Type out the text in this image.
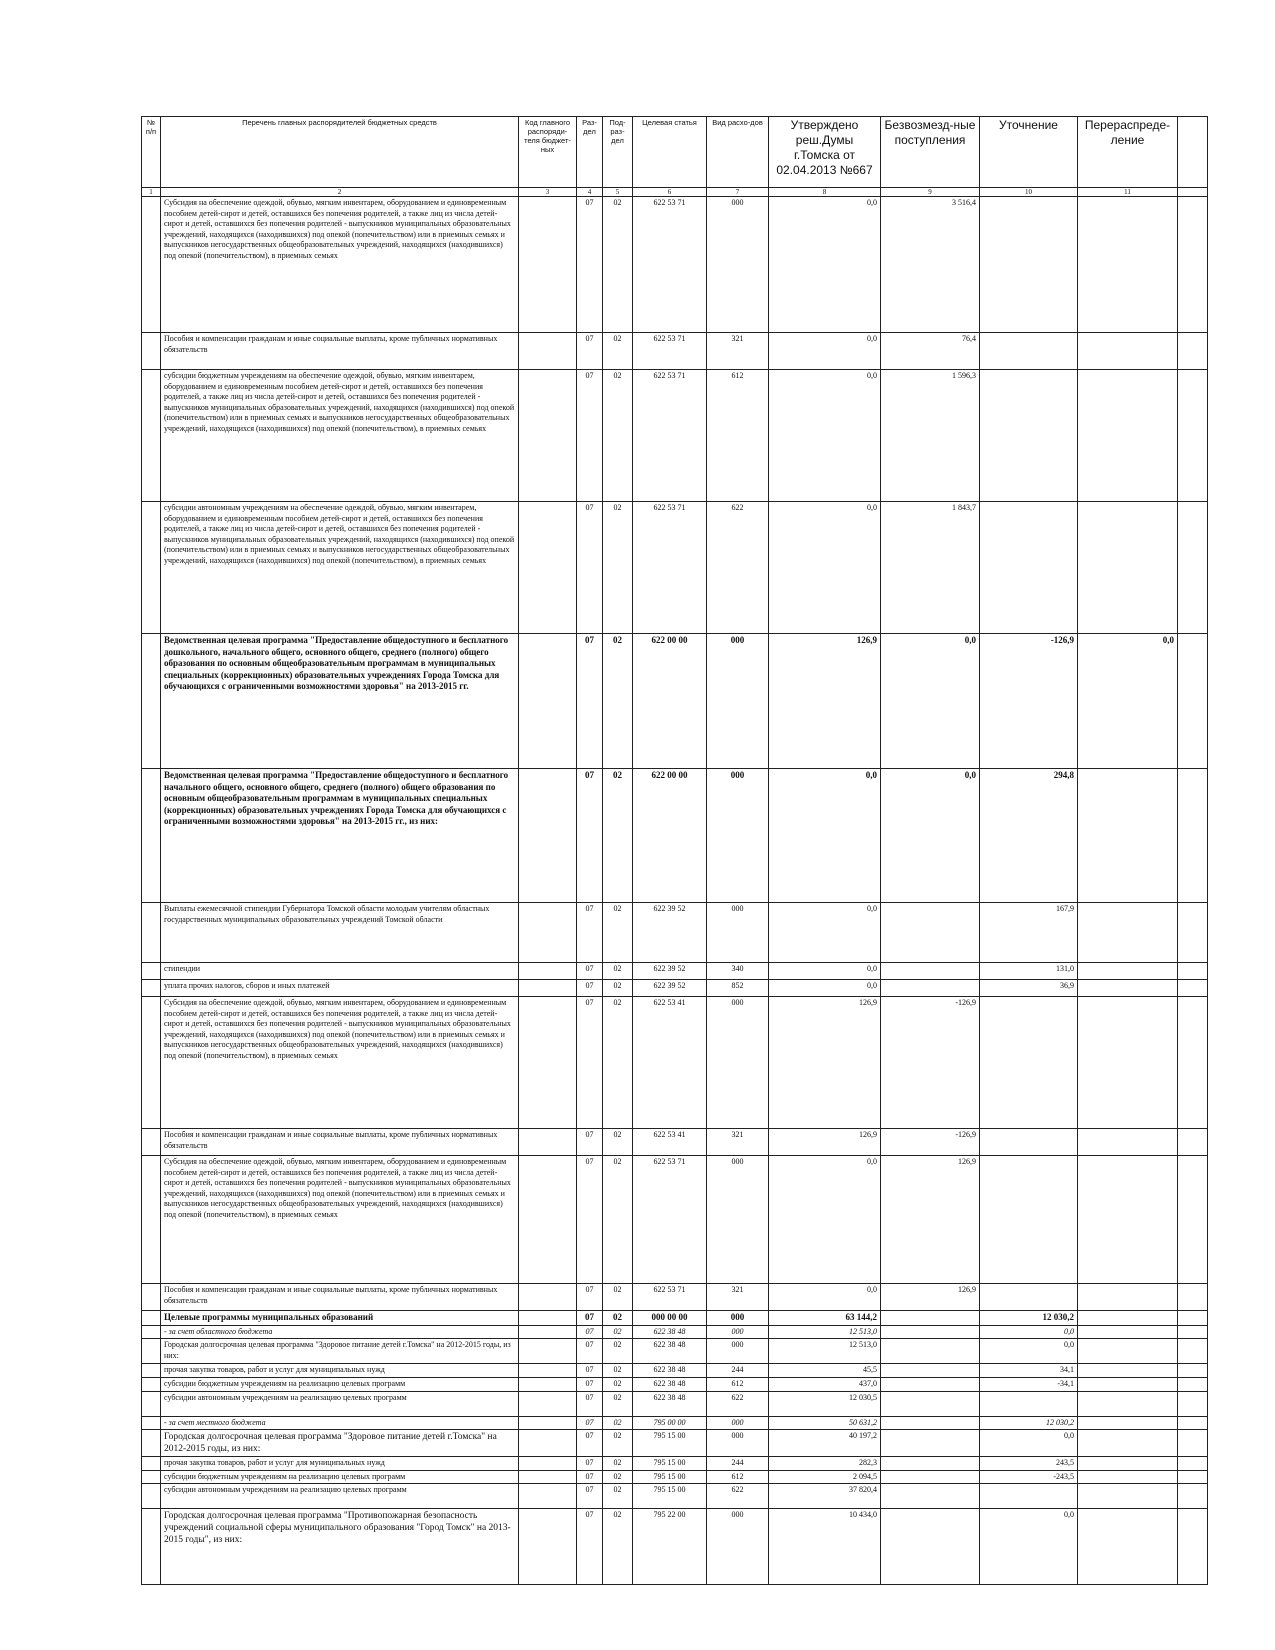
№ п/п	Перечень главных распорядителей бюджетных средств	Код главного распоряди-теля бюджет-ных	Раз-дел	Под-раз-дел	Целевая статья	Вид расхо-дов	Утверждено реш.Думы г.Томска от 02.04.2013 №667	Безвозмезд-ные поступления	Уточнение	Перераспреде-ление	
1	2	3	4	5	6	7	8	9	10	11	
	Субсидия на обеспечение одеждой, обувью, мягким инвентарем, оборудованием и единовременным пособием детей-сирот и детей, оставшихся без попечения родителей, а также лиц из числа детей-сирот и детей, оставшихся без попечения родителей - выпускников муниципальных образовательных учреждений, находящихся (находившихся) под опекой (попечительством) или в приемных семьях и выпускников негосударственных общеобразовательных учреждений, находящихся (находившихся) под опекой (попечительством), в приемных семьях		07	02	622 53 71	000	0,0	3 516,4			
	Пособия и компенсации гражданам и иные социальные выплаты, кроме публичных нормативных обязательств		07	02	622 53 71	321	0,0	76,4			
	субсидии бюджетным учреждениям на обеспечение одеждой, обувью, мягким инвентарем, оборудованием и единовременным пособием детей-сирот и детей, оставшихся без попечения родителей, а также лиц из числа детей-сирот и детей, оставшихся без попечения родителей - выпускников муниципальных образовательных учреждений, находящихся (находившихся) под опекой (попечительством) или в приемных семьях и выпускников негосударственных общеобразовательных учреждений, находящихся (находившихся) под опекой (попечительством), в приемных семьях		07	02	622 53 71	612	0,0	1 596,3			
	субсидии автономным учреждениям на обеспечение одеждой, обувью, мягким инвентарем, оборудованием и единовременным пособием детей-сирот и детей, оставшихся без попечения родителей, а также лиц из числа детей-сирот и детей, оставшихся без попечения родителей - выпускников муниципальных образовательных учреждений, находящихся (находившихся) под опекой (попечительством) или в приемных семьях и выпускников негосударственных общеобразовательных учреждений, находящихся (находившихся) под опекой (попечительством), в приемных семьях		07	02	622 53 71	622	0,0	1 843,7			
	Ведомственная целевая программа "Предоставление общедоступного и бесплатного дошкольного, начального общего, основного общего, среднего (полного) общего образования по основным общеобразовательным программам в муниципальных специальных (коррекционных) образовательных учреждениях Города Томска для обучающихся с ограниченными возможностями здоровья" на 2013-2015 гг.		07	02	622 00 00	000	126,9	0,0	-126,9	0,0	
	Ведомственная целевая программа "Предоставление общедоступного и бесплатного начального общего, основного общего, среднего (полного) общего образования по основным общеобразовательным программам в муниципальных специальных (коррекционных) образовательных учреждениях Города Томска для обучающихся с ограниченными возможностями здоровья" на 2013-2015 гг., из них:		07	02	622 00 00	000	0,0	0,0	294,8		
	Выплаты ежемесячной стипендии Губернатора Томской области молодым учителям областных государственных муниципальных образовательных учреждений Томской области		07	02	622 39 52	000	0,0		167,9		
	стипендии		07	02	622 39 52	340	0,0		131,0		
	уплата прочих налогов, сборов и иных платежей		07	02	622 39 52	852	0,0		36,9		
	Субсидия на обеспечение одеждой, обувью, мягким инвентарем, оборудованием и единовременным пособием детей-сирот и детей, оставшихся без попечения родителей, а также лиц из числа детей-сирот и детей, оставшихся без попечения родителей - выпускников муниципальных образовательных учреждений, находящихся (находившихся) под опекой (попечительством) или в приемных семьях и выпускников негосударственных общеобразовательных учреждений, находящихся (находившихся) под опекой (попечительством), в приемных семьях		07	02	622 53 41	000	126,9	-126,9			
	Пособия и компенсации гражданам и иные социальные выплаты, кроме публичных нормативных обязательств		07	02	622 53 41	321	126,9	-126,9			
	Субсидия на обеспечение одеждой, обувью, мягким инвентарем, оборудованием и единовременным пособием детей-сирот и детей, оставшихся без попечения родителей, а также лиц из числа детей-сирот и детей, оставшихся без попечения родителей - выпускников муниципальных образовательных учреждений, находящихся (находившихся) под опекой (попечительством) или в приемных семьях и выпускников негосударственных общеобразовательных учреждений, находящихся (находившихся) под опекой (попечительством), в приемных семьях		07	02	622 53 71	000	0,0	126,9			
	Пособия и компенсации гражданам и иные социальные выплаты, кроме публичных нормативных обязательств		07	02	622 53 71	321	0,0	126,9			
	Целевые программы муниципальных образований		07	02	000 00 00	000	63 144,2		12 030,2		
	- за счет областного бюджета		07	02	622 38 48	000	12 513,0		0,0		
	Городская долгосрочная целевая программа "Здоровое питание детей г.Томска" на 2012-2015 годы, из них:		07	02	622 38 48	000	12 513,0		0,0		
	прочая закупка товаров, работ и услуг для муниципальных нужд		07	02	622 38 48	244	45,5		34,1		
	субсидии бюджетным учреждениям на реализацию целевых программ		07	02	622 38 48	612	437,0		-34,1		
	субсидии автономным учреждениям на реализацию целевых программ		07	02	622 38 48	622	12 030,5				
	- за счет местного бюджета		07	02	795 00 00	000	50 631,2		12 030,2		
	Городская долгосрочная целевая программа "Здоровое питание детей г.Томска" на 2012-2015 годы, из них:		07	02	795 15 00	000	40 197,2		0,0		
	прочая закупка товаров, работ и услуг для муниципальных нужд		07	02	795 15 00	244	282,3		243,5		
	субсидии бюджетным учреждениям на реализацию целевых программ		07	02	795 15 00	612	2 094,5		-243,5		
	субсидии автономным учреждениям на реализацию целевых программ		07	02	795 15 00	622	37 820,4				
	Городская долгосрочная целевая программа "Противопожарная безопасность учреждений социальной сферы муниципального образования "Город Томск" на 2013-2015 годы", из них:		07	02	795 22 00	000	10 434,0		0,0		
